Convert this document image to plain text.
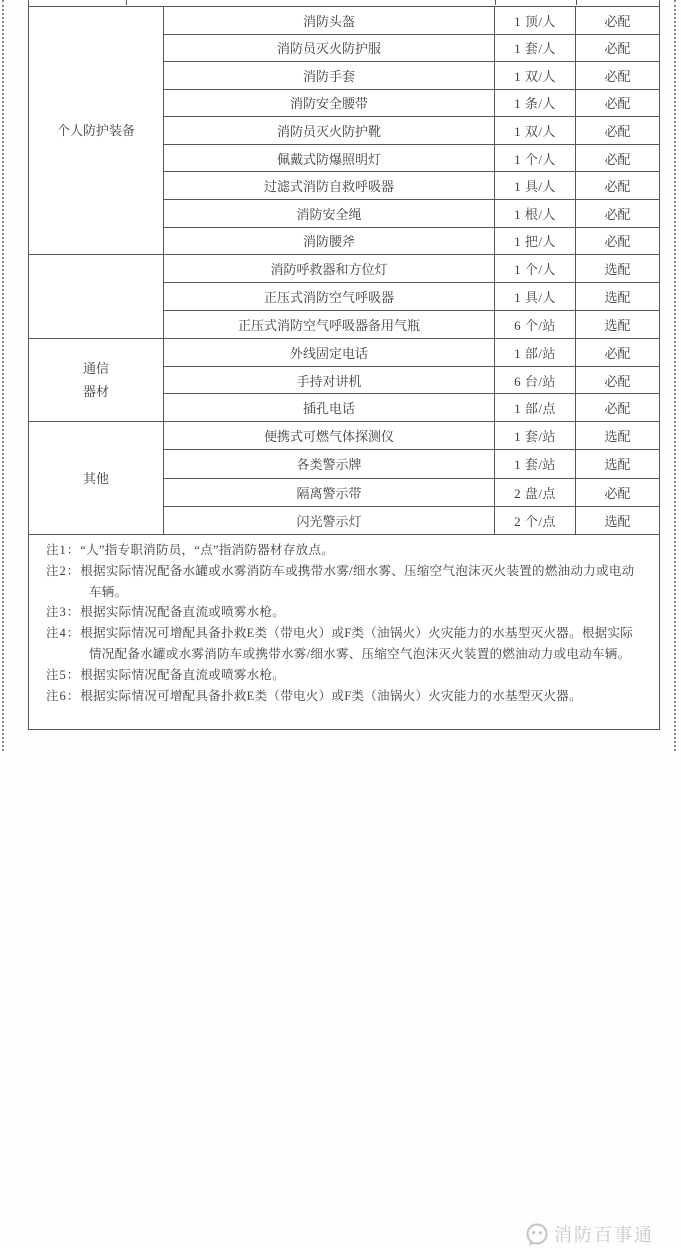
个人防护装备
消防头盔	1 顶/人	必配
消防员灭火防护服	1 套/人	必配
消防手套	1 双/人	必配
消防安全腰带	1 条/人	必配
消防员灭火防护靴	1 双/人	必配
佩戴式防爆照明灯	1 个/人	必配
过滤式消防自救呼吸器	1 具/人	必配
消防安全绳	1 根/人	必配
消防腰斧	1 把/人	必配
消防呼救器和方位灯	1 个/人	选配
正压式消防空气呼吸器	1 具/人	选配
正压式消防空气呼吸器备用气瓶	6 个/站	选配
通信
器材
外线固定电话	1 部/站	必配
手持对讲机	6 台/站	必配
插孔电话	1 部/点	必配
其他
便携式可燃气体探测仪	1 套/站	选配
各类警示牌	1 套/站	选配
隔离警示带	2 盘/点	必配
闪光警示灯	2 个/点	选配
注1：“人”指专职消防员，“点”指消防器材存放点。
注2：根据实际情况配备水罐或水雾消防车或携带水雾/细水雾、压缩空气泡沫灭火装置的燃油动力或电动车辆。
注3：根据实际情况配备直流或喷雾水枪。
注4：根据实际情况可增配具备扑救E类（带电火）或F类（油锅火）火灾能力的水基型灭火器。根据实际情况配备水罐或水雾消防车或携带水雾/细水雾、压缩空气泡沫灭火装置的燃油动力或电动车辆。
注5：根据实际情况配备直流或喷雾水枪。
注6：根据实际情况可增配具备扑救E类（带电火）或F类（油锅火）火灾能力的水基型灭火器。
消防百事通
